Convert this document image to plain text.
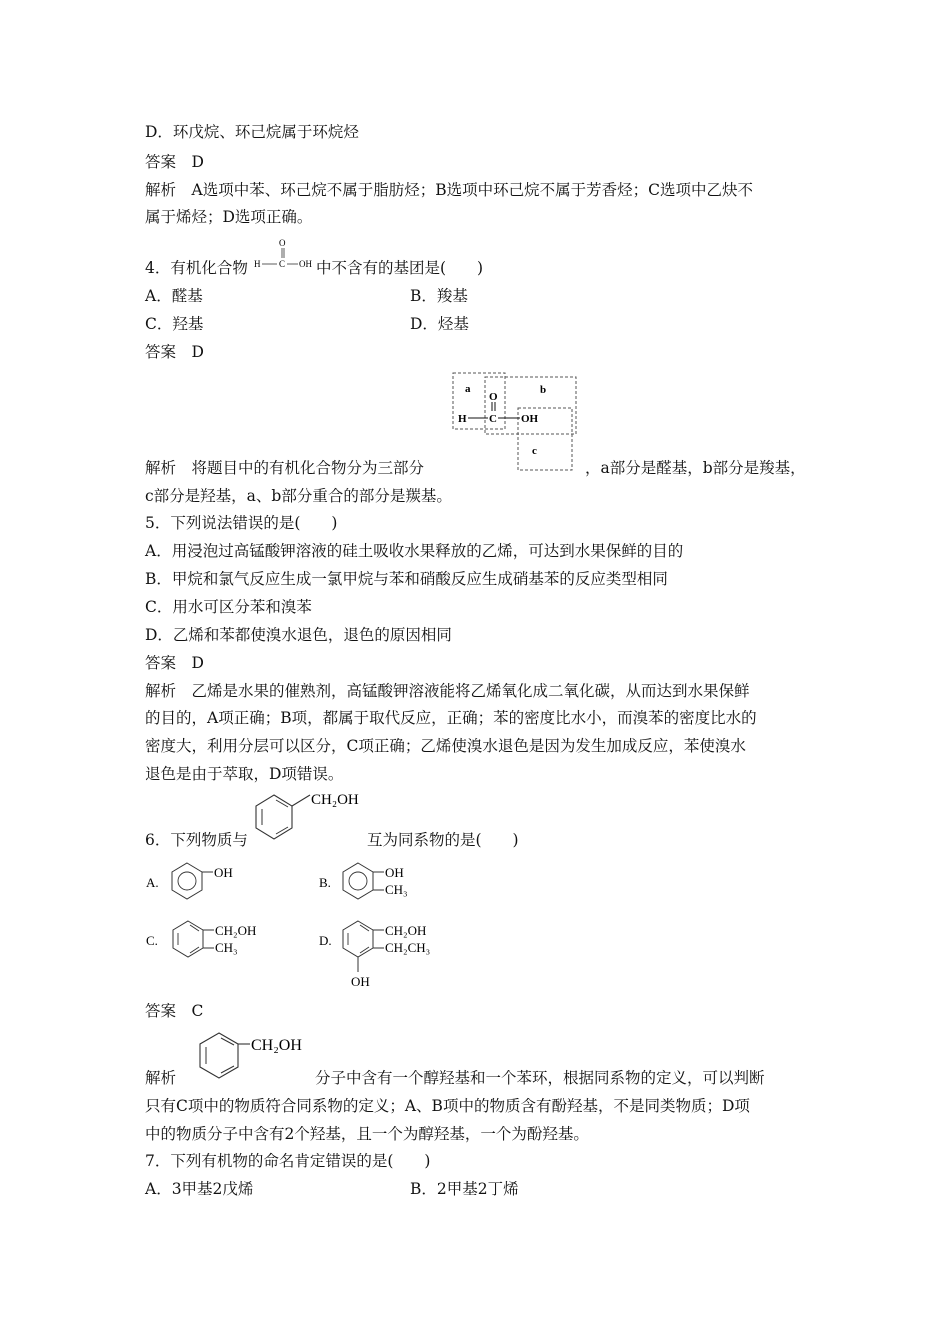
D．环戊烷、环己烷属于环烷烃
答案　D
解析　A选项中苯、环己烷不属于脂肪烃；B选项中环己烷不属于芳香烃；C选项中乙炔不
属于烯烃；D选项正确。
4．有机化合物
O
H C OH 中不含有的基团是(　　)
A．醛基	B．羧基
C．羟基	D．烃基
答案　D
a	b
c
O
H C OH
解析　将题目中的有机化合物分为三部分	，a部分是醛基，b部分是羧基，
c部分是羟基，a、b部分重合的部分是羰基。
5．下列说法错误的是(　　)
A．用浸泡过高锰酸钾溶液的硅土吸收水果释放的乙烯，可达到水果保鲜的目的
B．甲烷和氯气反应生成一氯甲烷与苯和硝酸反应生成硝基苯的反应类型相同
C．用水可区分苯和溴苯
D．乙烯和苯都使溴水退色，退色的原因相同
答案　D
解析　乙烯是水果的催熟剂，高锰酸钾溶液能将乙烯氧化成二氧化碳，从而达到水果保鲜
的目的，A项正确；B项，都属于取代反应，正确；苯的密度比水小，而溴苯的密度比水的
密度大，利用分层可以区分，C项正确；乙烯使溴水退色是因为发生加成反应，苯使溴水
退色是由于萃取，D项错误。
6．下列物质与
CH₂OH
互为同系物的是(　　)
A.
OH
B.
OH
CH₃
C.
CH₂OH
CH₃	D.
CH₂OH
CH₂CH₃
OH
答案　C
CH₂OH
解析	分子中含有一个醇羟基和一个苯环，根据同系物的定义，可以判断
只有C项中的物质符合同系物的定义；A、B项中的物质含有酚羟基，不是同类物质；D项
中的物质分子中含有2个羟基，且一个为醇羟基，一个为酚羟基。
7．下列有机物的命名肯定错误的是(　　)
A．3甲基2戊烯	B．2甲基2丁烯
